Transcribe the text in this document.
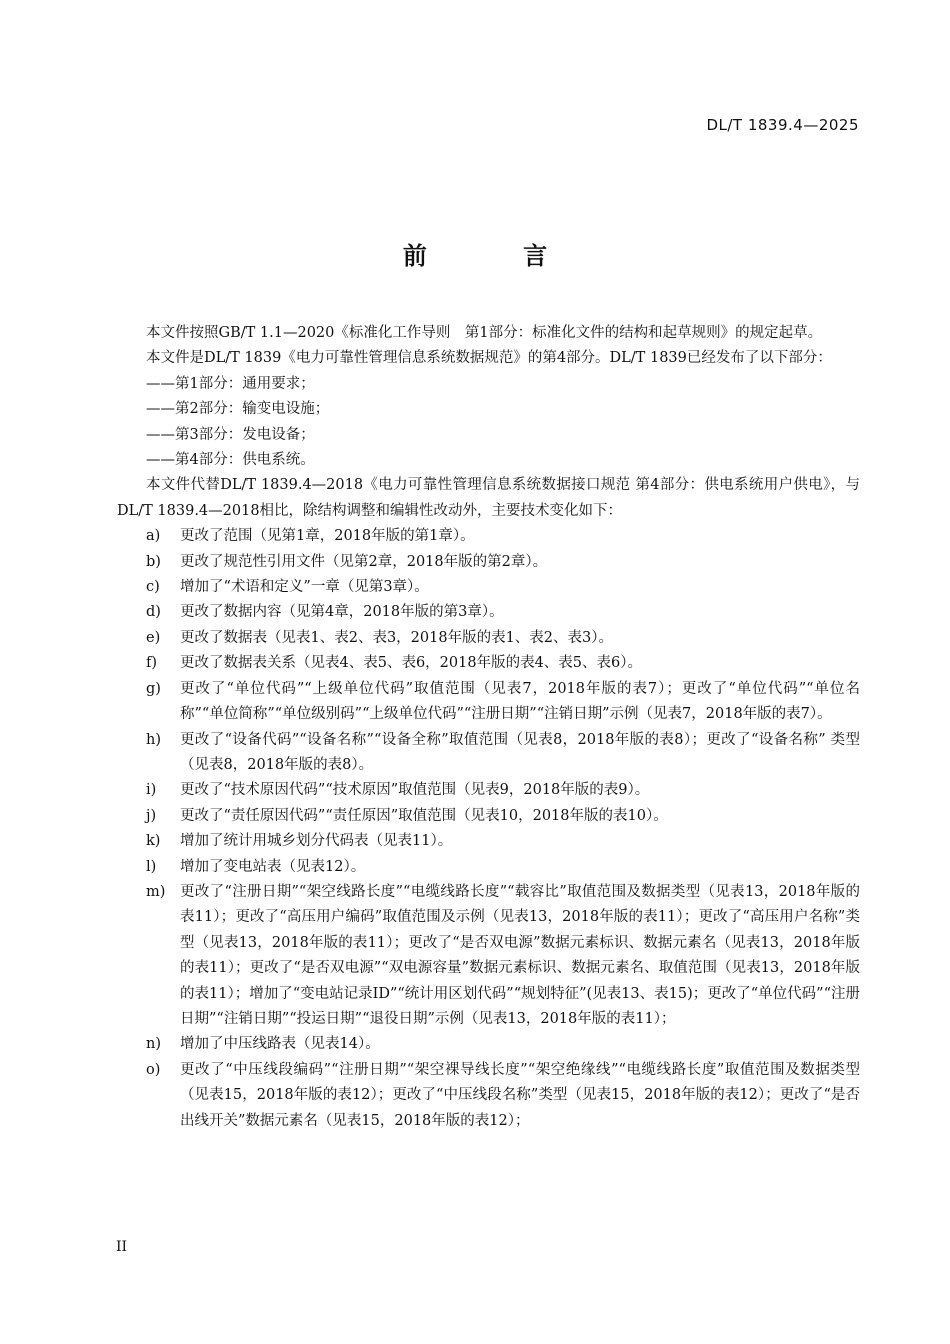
DL/T 1839.4—2025
前 言

本文件按照GB/T 1.1—2020《标准化工作导则　第1部分：标准化文件的结构和起草规则》的规定起草。

本文件是DL/T 1839《电力可靠性管理信息系统数据规范》的第4部分。DL/T 1839已经发布了以下部分：

——第1部分：通用要求；

——第2部分：输变电设施；

——第3部分：发电设备；

——第4部分：供电系统。

本文件代替DL/T 1839.4—2018《电力可靠性管理信息系统数据接口规范 第4部分：供电系统用户供电》，与DL/T 1839.4—2018相比，除结构调整和编辑性改动外，主要技术变化如下：

a)	更改了范围（见第1章，2018年版的第1章）。
b)	更改了规范性引用文件（见第2章，2018年版的第2章）。
c)	增加了“术语和定义”一章（见第3章）。
d)	更改了数据内容（见第4章，2018年版的第3章）。
e)	更改了数据表（见表1、表2、表3，2018年版的表1、表2、表3）。
f)	更改了数据表关系（见表4、表5、表6，2018年版的表4、表5、表6）。
g)	更改了“单位代码”“上级单位代码”取值范围（见表7，2018年版的表7）；更改了“单位代码”“单位名称”“单位简称”“单位级别码”“上级单位代码”“注册日期”“注销日期”示例（见表7，2018年版的表7）。
h)	更改了“设备代码”“设备名称”“设备全称”取值范围（见表8，2018年版的表8）；更改了“设备名称” 类型（见表8，2018年版的表8）。
i)	更改了“技术原因代码”“技术原因”取值范围（见表9，2018年版的表9）。
j)	更改了“责任原因代码”“责任原因”取值范围（见表10，2018年版的表10）。
k)	增加了统计用城乡划分代码表（见表11）。
l)	增加了变电站表（见表12）。
m)	更改了“注册日期”“架空线路长度”“电缆线路长度”“载容比”取值范围及数据类型（见表13，2018年版的表11）；更改了“高压用户编码”取值范围及示例（见表13，2018年版的表11）；更改了“高压用户名称”类型（见表13，2018年版的表11）；更改了“是否双电源”数据元素标识、数据元素名（见表13，2018年版的表11）；更改了“是否双电源”“双电源容量”数据元素标识、数据元素名、取值范围（见表13，2018年版的表11）；增加了“变电站记录ID”“统计用区划代码”“规划特征”(见表13、表15)；更改了“单位代码”“注册日期”“注销日期”“投运日期”“退役日期”示例（见表13，2018年版的表11）；
n)	增加了中压线路表（见表14）。
o)	更改了“中压线段编码”“注册日期”“架空裸导线长度”“架空绝缘线”“电缆线路长度”取值范围及数据类型（见表15，2018年版的表12）；更改了“中压线段名称”类型（见表15，2018年版的表12）；更改了“是否出线开关”数据元素名（见表15，2018年版的表12）；
II
